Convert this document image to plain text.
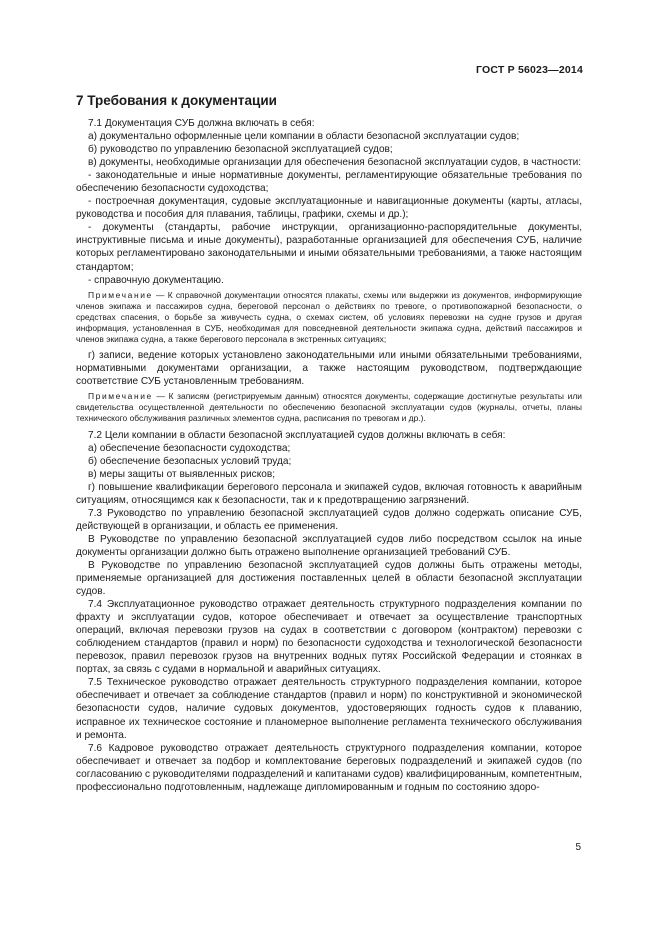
ГОСТ Р 56023—2014
7 Требования к документации

7.1 Документация СУБ должна включать в себя:

а) документально оформленные цели компании в области безопасной эксплуатации судов;

б) руководство по управлению безопасной эксплуатацией судов;

в) документы, необходимые организации для обеспечения безопасной эксплуатации судов, в частности:

- законодательные и иные нормативные документы, регламентирующие обязательные требования по обеспечению безопасности судоходства;

- построечная документация, судовые эксплуатационные и навигационные документы (карты, атласы, руководства и пособия для плавания, таблицы, графики, схемы и др.);

- документы (стандарты, рабочие инструкции, организационно-распорядительные документы, инструктивные письма и иные документы), разработанные организацией для обеспечения СУБ, наличие которых регламентировано законодательными и иными обязательными требованиями, а также настоящим стандартом;

- справочную документацию.

Примечание — К справочной документации относятся плакаты, схемы или выдержки из документов, информирующие членов экипажа и пассажиров судна, береговой персонал о действиях по тревоге, о противопожарной безопасности, о средствах спасения, о борьбе за живучесть судна, о схемах систем, об условиях перевозки на судне грузов и другая информация, установленная в СУБ, необходимая для повседневной деятельности экипажа судна, действий пассажиров и членов экипажа судна, а также берегового персонала в экстренных ситуациях;

г) записи, ведение которых установлено законодательными или иными обязательными требованиями, нормативными документами организации, а также настоящим руководством, подтверждающие соответствие СУБ установленным требованиям.

Примечание — К записям (регистрируемым данным) относятся документы, содержащие достигнутые результаты или свидетельства осуществленной деятельности по обеспечению безопасной эксплуатации судов (журналы, отчеты, планы технического обслуживания различных элементов судна, расписания по тревогам и др.).

7.2 Цели компании в области безопасной эксплуатацией судов должны включать в себя:

а) обеспечение безопасности судоходства;

б) обеспечение безопасных условий труда;

в) меры защиты от выявленных рисков;

г) повышение квалификации берегового персонала и экипажей судов, включая готовность к аварийным ситуациям, относящимся как к безопасности, так и к предотвращению загрязнений.

7.3 Руководство по управлению безопасной эксплуатацией судов должно содержать описание СУБ, действующей в организации, и область ее применения.

В Руководстве по управлению безопасной эксплуатацией судов либо посредством ссылок на иные документы организации должно быть отражено выполнение организацией требований СУБ.

В Руководстве по управлению безопасной эксплуатацией судов должны быть отражены методы, применяемые организацией для достижения поставленных целей в области безопасной эксплуатации судов.

7.4 Эксплуатационное руководство отражает деятельность структурного подразделения компании по фрахту и эксплуатации судов, которое обеспечивает и отвечает за осуществление транспортных операций, включая перевозки грузов на судах в соответствии с договором (контрактом) перевозки с соблюдением стандартов (правил и норм) по безопасности судоходства и технологической безопасности перевозок, правил перевозок грузов на внутренних водных путях Российской Федерации и стоянках в портах, за связь с судами в нормальной и аварийных ситуациях.

7.5 Техническое руководство отражает деятельность структурного подразделения компании, которое обеспечивает и отвечает за соблюдение стандартов (правил и норм) по конструктивной и экономической безопасности судов, наличие судовых документов, удостоверяющих годность судов к плаванию, исправное их техническое состояние и планомерное выполнение регламента технического обслуживания и ремонта.

7.6 Кадровое руководство отражает деятельность структурного подразделения компании, которое обеспечивает и отвечает за подбор и комплектование береговых подразделений и экипажей судов (по согласованию с руководителями подразделений и капитанами судов) квалифицированным, компетентным, профессионально подготовленным, надлежаще дипломированным и годным по состоянию здоро-

5
